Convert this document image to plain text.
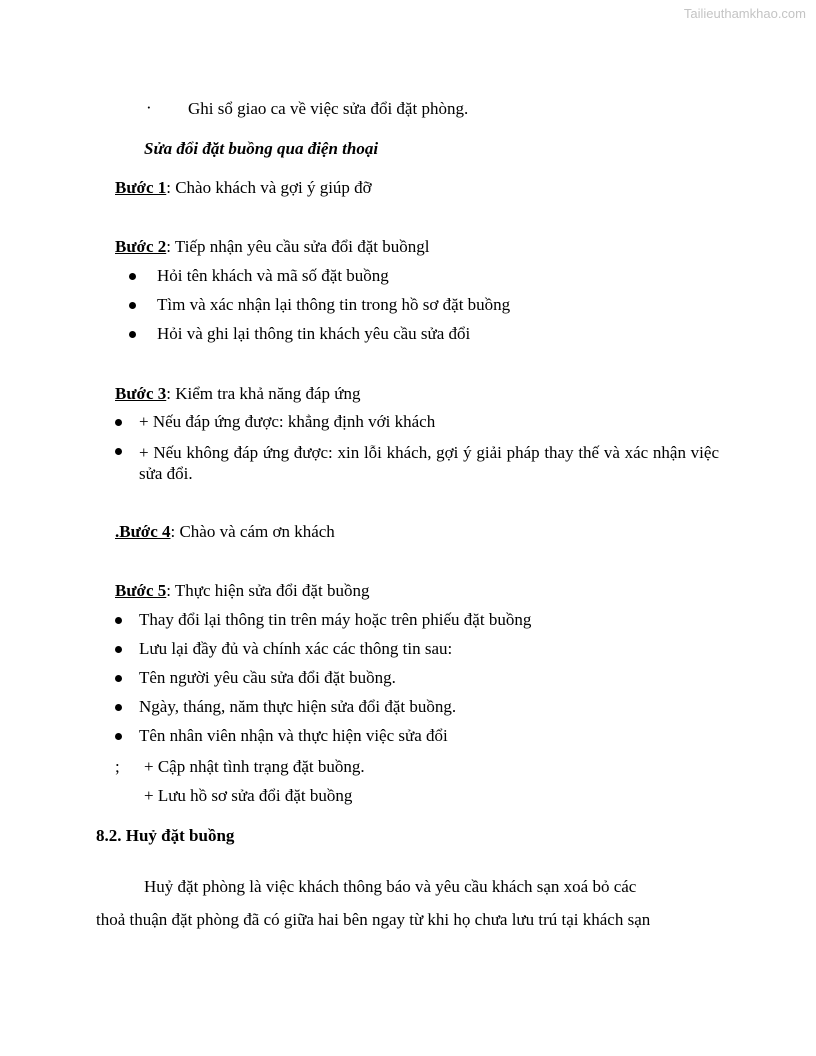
Tailieuthamkhao.com
· Ghi sổ giao ca về việc sửa đổi đặt phòng.
Sửa đổi đặt buồng qua điện thoại
Bước 1: Chào khách và gợi ý giúp đỡ
Bước 2: Tiếp nhận yêu cầu sửa đổi đặt buồngl
Hỏi tên khách và mã số đặt buồng
Tìm và xác nhận lại thông tin trong hồ sơ đặt buồng
Hỏi và ghi lại thông tin khách yêu cầu sửa đổi
Bước 3: Kiểm tra khả năng đáp ứng
+ Nếu đáp ứng được: khẳng định với khách
+ Nếu không đáp ứng được: xin lỗi khách, gợi ý giải pháp thay thế và xác nhận việc sửa đổi.
.Bước 4: Chào và cám ơn khách
Bước 5: Thực hiện sửa đổi đặt buồng
Thay đổi lại thông tin trên máy hoặc trên phiếu đặt buồng
Lưu lại đầy đủ và chính xác các thông tin sau:
Tên người yêu cầu sửa đổi đặt buồng.
Ngày, tháng, năm thực hiện sửa đổi đặt buồng.
Tên nhân viên nhận và thực hiện việc sửa đổi
; + Cập nhật tình trạng đặt buồng.
+ Lưu hồ sơ sửa đổi đặt buồng
8.2. Huỷ đặt buồng
Huỷ đặt phòng là việc khách thông báo và yêu cầu khách sạn xoá bỏ các
thoả thuận đặt phòng đã có giữa hai bên ngay từ khi họ chưa lưu trú tại khách sạn
